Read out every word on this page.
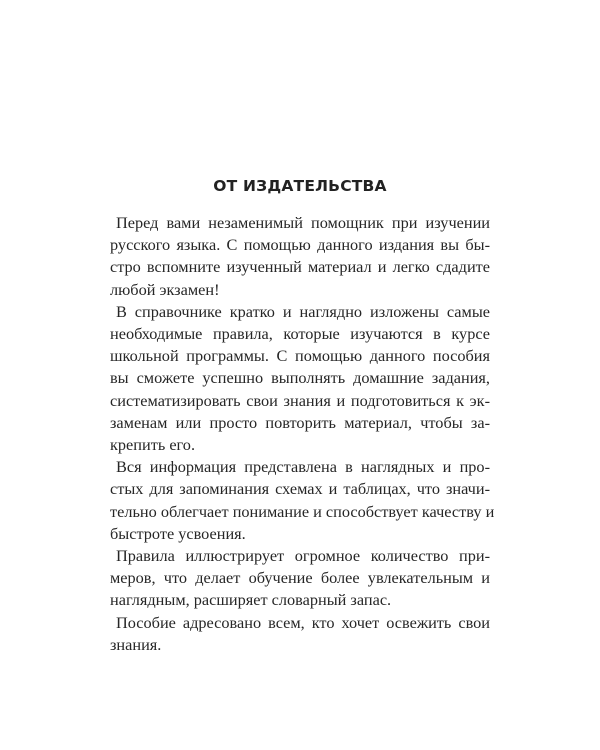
ОТ ИЗДАТЕЛЬСТВА

Перед вами незаменимый помощник при изучении
русского языка. С помощью данного издания вы бы-
стро вспомните изученный материал и легко сдадите
любой экзамен!

В справочнике кратко и наглядно изложены самые
необходимые правила, которые изучаются в курсе
школьной программы. С помощью данного пособия
вы сможете успешно выполнять домашние задания,
систематизировать свои знания и подготовиться к эк-
заменам или просто повторить материал, чтобы за-
крепить его.

Вся информация представлена в наглядных и про-
стых для запоминания схемах и таблицах, что значи-
тельно облегчает понимание и способствует качеству и
быстроте усвоения.

Правила иллюстрирует огромное количество при-
меров, что делает обучение более увлекательным и
наглядным, расширяет словарный запас.

Пособие адресовано всем, кто хочет освежить свои
знания.
